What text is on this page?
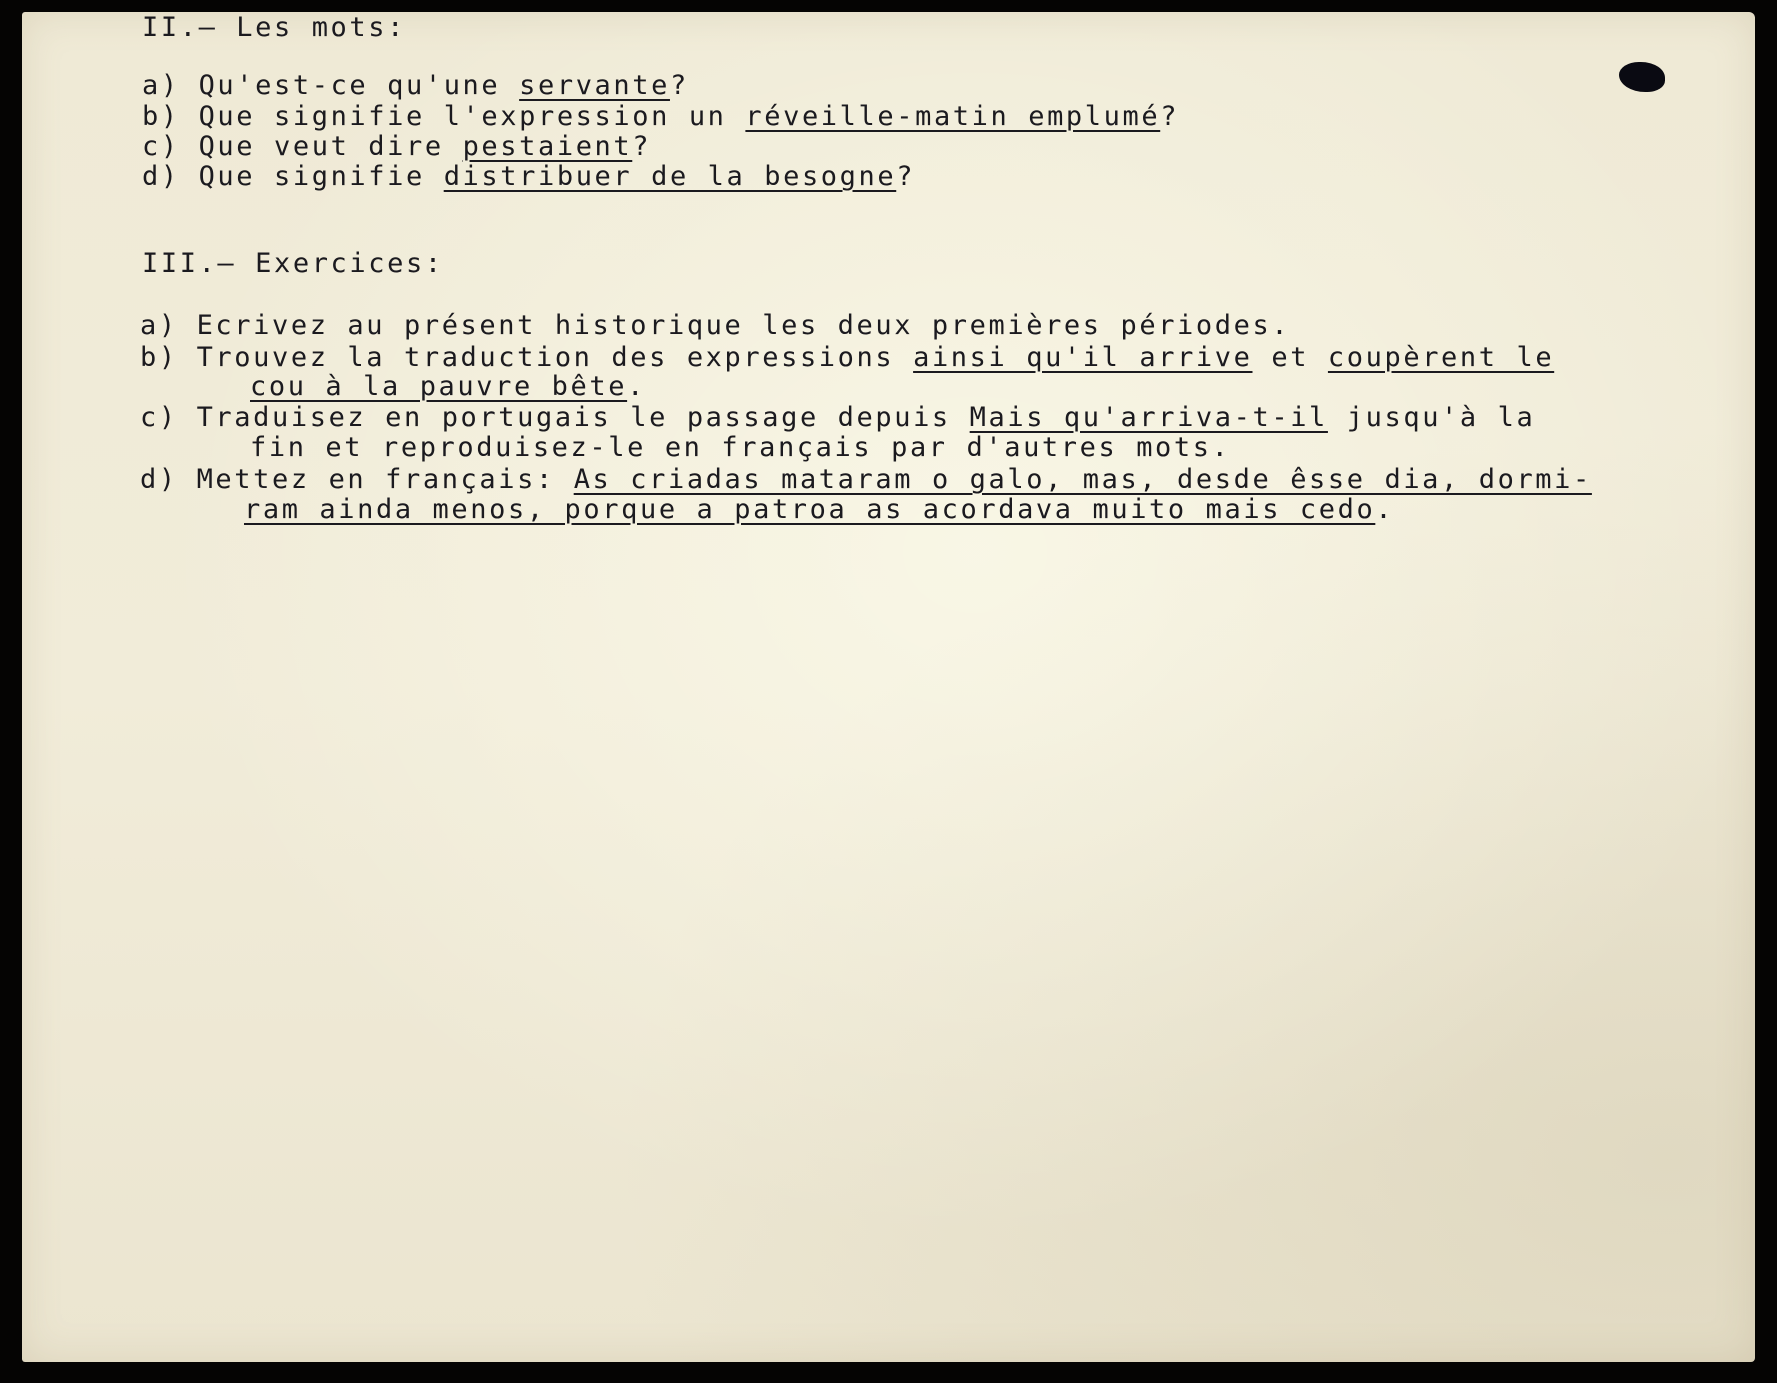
II.— Les mots:

a) Qu'est-ce qu'une servante?

b) Que signifie l'expression un réveille-matin emplumé?

c) Que veut dire pestaient?

d) Que signifie distribuer de la besogne?

III.— Exercices:

a) Ecrivez au présent historique les deux premières périodes.

b) Trouvez la traduction des expressions ainsi qu'il arrive et coupèrent le

cou à la pauvre bête.

c) Traduisez en portugais le passage depuis Mais qu'arriva-t-il jusqu'à la

fin et reproduisez-le en français par d'autres mots.

d) Mettez en français: As criadas mataram o galo, mas, desde êsse dia, dormi-

ram ainda menos, porque a patroa as acordava muito mais cedo.
